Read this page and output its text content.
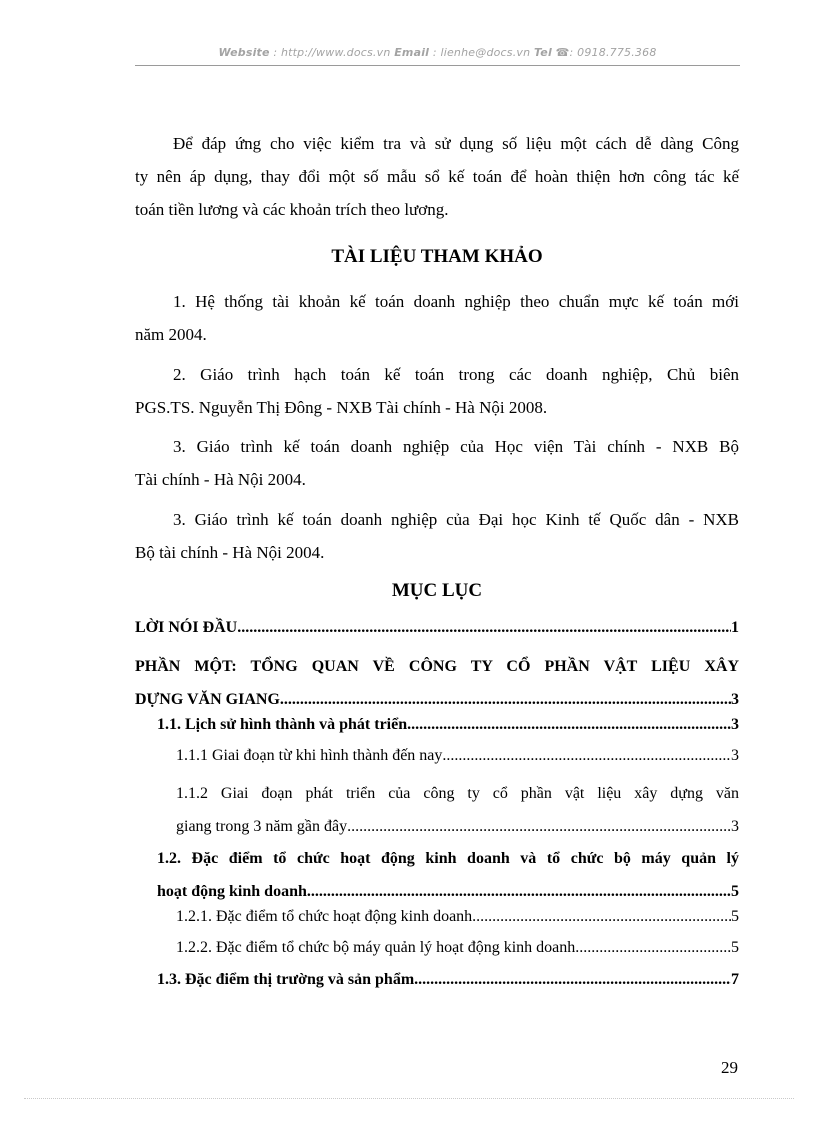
Website : http://www.docs.vn Email : lienhe@docs.vn Tel ☎: 0918.775.368
Để đáp ứng cho việc kiểm tra và sử dụng số liệu một cách dễ dàng Công
ty nên áp dụng, thay đổi một số mẫu sổ kế toán để hoàn thiện hơn công tác kế
toán tiền lương và các khoản trích theo lương.
TÀI LIỆU THAM KHẢO
1. Hệ thống tài khoản kế toán doanh nghiệp theo chuẩn mực kế toán mới
năm 2004.
2. Giáo trình hạch toán kế toán trong các doanh nghiệp, Chủ biên
PGS.TS. Nguyễn Thị Đông - NXB Tài chính - Hà Nội 2008.
3. Giáo trình kế toán doanh nghiệp của Học viện Tài chính - NXB Bộ
Tài chính - Hà Nội 2004.
3. Giáo trình kế toán doanh nghiệp của Đại học Kinh tế Quốc dân - NXB
Bộ tài chính - Hà Nội 2004.
MỤC LỤC
LỜI NÓI ĐẦU .....	1
PHẦN MỘT: TỔNG QUAN VỀ CÔNG TY CỔ PHẦN VẬT LIỆU XÂY
DỰNG VĂN GIANG .....	3
1.1. Lịch sử hình thành và phát triển .....	3
1.1.1 Giai đoạn từ khi hình thành đến nay .....	3
1.1.2 Giai đoạn phát triển của công ty cổ phần vật liệu xây dựng văn
giang trong 3 năm gần đây .....	3
1.2. Đặc điểm tổ chức hoạt động kinh doanh và tổ chức bộ máy quản lý
hoạt động kinh doanh. .....	5
1.2.1. Đặc điểm tổ chức hoạt động kinh doanh .....	5
1.2.2. Đặc điểm tổ chức bộ máy quản lý hoạt động kinh doanh .....	5
1.3. Đặc điểm thị trường và sản phẩm .....	7
29
